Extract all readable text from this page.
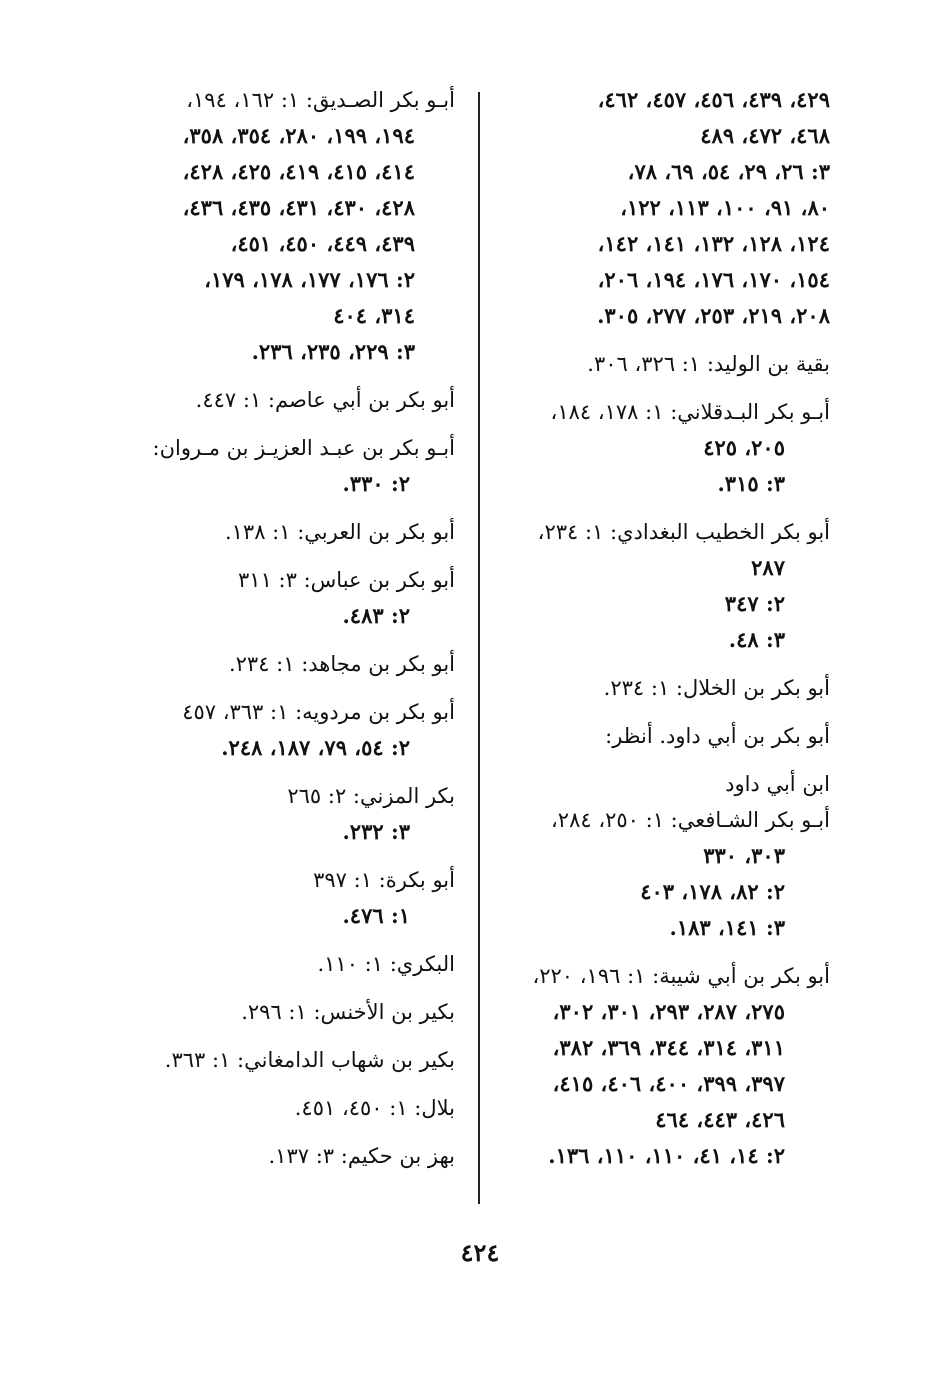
٤٢٩، ٤٣٩، ٤٥٦، ٤٥٧، ٤٦٢،
٤٦٨، ٤٧٢، ٤٨٩
٣: ٢٦، ٢٩، ٥٤، ٦٩، ٧٨،
٨٠، ٩١، ١٠٠، ١١٣، ١٢٢،
١٢٤، ١٢٨، ١٣٢، ١٤١، ١٤٢،
١٥٤، ١٧٠، ١٧٦، ١٩٤، ٢٠٦،
٢٠٨، ٢١٩، ٢٥٣، ٢٧٧، ٣٠٥.
بقية بن الوليد: ١: ٣٢٦، ٣٠٦.
أبـو بكر البـدقلاني: ١: ١٧٨، ١٨٤،
٢٠٥، ٤٢٥
٣: ٣١٥.
أبو بكر الخطيب البغدادي: ١: ٢٣٤،
٢٨٧
٢: ٣٤٧
٣: ٤٨.
أبو بكر بن الخلال: ١: ٢٣٤.
أبو بكر بن أبي داود. أنظر:
ابن أبي داود
أبـو بكر الشـافعي: ١: ٢٥٠، ٢٨٤،
٣٠٣، ٣٣٠
٢: ٨٢، ١٧٨، ٤٠٣
٣: ١٤١، ١٨٣.
أبو بكر بن أبي شيبة: ١: ١٩٦، ٢٢٠،
٢٧٥، ٢٨٧، ٢٩٣، ٣٠١، ٣٠٢،
٣١١، ٣١٤، ٣٤٤، ٣٦٩، ٣٨٢،
٣٩٧، ٣٩٩، ٤٠٠، ٤٠٦، ٤١٥،
٤٢٦، ٤٤٣، ٤٦٤
٢: ١٤، ٤١، ١١٠، ١١٠، ١٣٦.
أبـو بكر الصـديق: ١: ١٦٢، ١٩٤،
١٩٤، ١٩٩، ٢٨٠، ٣٥٤، ٣٥٨،
٤١٤، ٤١٥، ٤١٩، ٤٢٥، ٤٢٨،
٤٢٨، ٤٣٠، ٤٣١، ٤٣٥، ٤٣٦،
٤٣٩، ٤٤٩، ٤٥٠، ٤٥١،
٢: ١٧٦، ١٧٧، ١٧٨، ١٧٩،
٣١٤، ٤٠٤
٣: ٢٢٩، ٢٣٥، ٢٣٦.
أبو بكر بن أبي عاصم: ١: ٤٤٧.
أبـو بكر بن عبـد العزيـز بن مـروان:
٢: ٣٣٠.
أبو بكر بن العربي: ١: ١٣٨.
أبو بكر بن عباس: ٣: ٣١١
٢: ٤٨٣.
أبو بكر بن مجاهد: ١: ٢٣٤.
أبو بكر بن مردويه: ١: ٣٦٣، ٤٥٧
٢: ٥٤، ٧٩، ١٨٧، ٢٤٨.
بكر المزني: ٢: ٢٦٥
٣: ٢٣٢.
أبو بكرة: ١: ٣٩٧
١: ٤٧٦.
البكري: ١: ١١٠.
بكير بن الأخنس: ١: ٢٩٦.
بكير بن شهاب الدامغاني: ١: ٣٦٣.
بلال: ١: ٤٥٠، ٤٥١.
بهز بن حكيم: ٣: ١٣٧.
٤٢٤
